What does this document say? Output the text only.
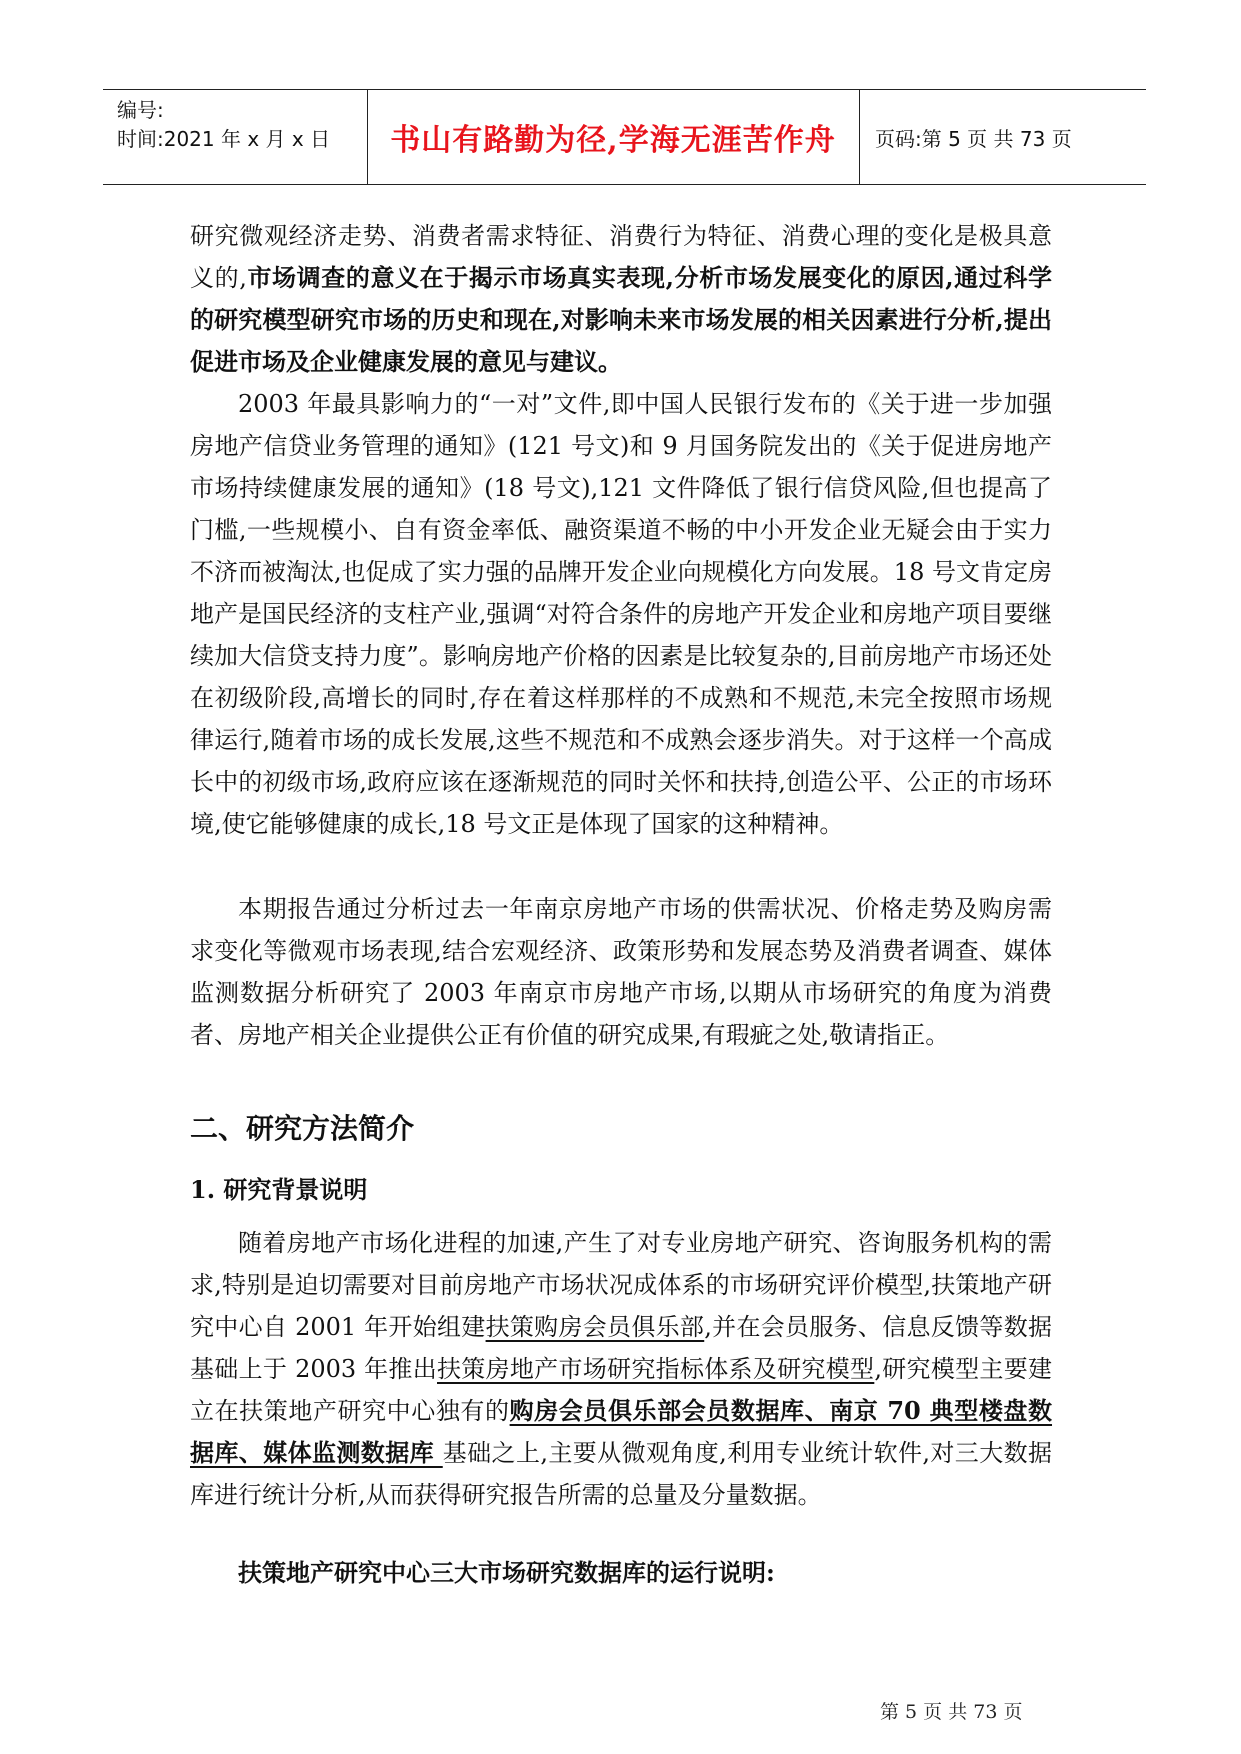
编号:
时间:2021 年 x 月 x 日	书山有路勤为径,学海无涯苦作舟	页码:第 5 页 共 73 页

研究微观经济走势、消费者需求特征、消费行为特征、消费心理的变化是极具意义的,市场调查的意义在于揭示市场真实表现,分析市场发展变化的原因,通过科学的研究模型研究市场的历史和现在,对影响未来市场发展的相关因素进行分析,提出促进市场及企业健康发展的意见与建议。

2003 年最具影响力的“一对”文件,即中国人民银行发布的《关于进一步加强房地产信贷业务管理的通知》(121 号文)和 9 月国务院发出的《关于促进房地产市场持续健康发展的通知》(18 号文),121 文件降低了银行信贷风险,但也提高了门槛,一些规模小、自有资金率低、融资渠道不畅的中小开发企业无疑会由于实力不济而被淘汰,也促成了实力强的品牌开发企业向规模化方向发展。18 号文肯定房地产是国民经济的支柱产业,强调“对符合条件的房地产开发企业和房地产项目要继续加大信贷支持力度”。影响房地产价格的因素是比较复杂的,目前房地产市场还处在初级阶段,高增长的同时,存在着这样那样的不成熟和不规范,未完全按照市场规律运行,随着市场的成长发展,这些不规范和不成熟会逐步消失。对于这样一个高成长中的初级市场,政府应该在逐渐规范的同时关怀和扶持,创造公平、公正的市场环境,使它能够健康的成长,18 号文正是体现了国家的这种精神。

本期报告通过分析过去一年南京房地产市场的供需状况、价格走势及购房需求变化等微观市场表现,结合宏观经济、政策形势和发展态势及消费者调查、媒体监测数据分析研究了 2003 年南京市房地产市场,以期从市场研究的角度为消费者、房地产相关企业提供公正有价值的研究成果,有瑕疵之处,敬请指正。

二、研究方法简介
1. 研究背景说明

随着房地产市场化进程的加速,产生了对专业房地产研究、咨询服务机构的需求,特别是迫切需要对目前房地产市场状况成体系的市场研究评价模型,扶策地产研究中心自 2001 年开始组建扶策购房会员俱乐部,并在会员服务、信息反馈等数据基础上于 2003 年推出扶策房地产市场研究指标体系及研究模型,研究模型主要建立在扶策地产研究中心独有的购房会员俱乐部会员数据库、南京 70 典型楼盘数据库、媒体监测数据库 基础之上,主要从微观角度,利用专业统计软件,对三大数据库进行统计分析,从而获得研究报告所需的总量及分量数据。

扶策地产研究中心三大市场研究数据库的运行说明:
第 5 页 共 73 页
